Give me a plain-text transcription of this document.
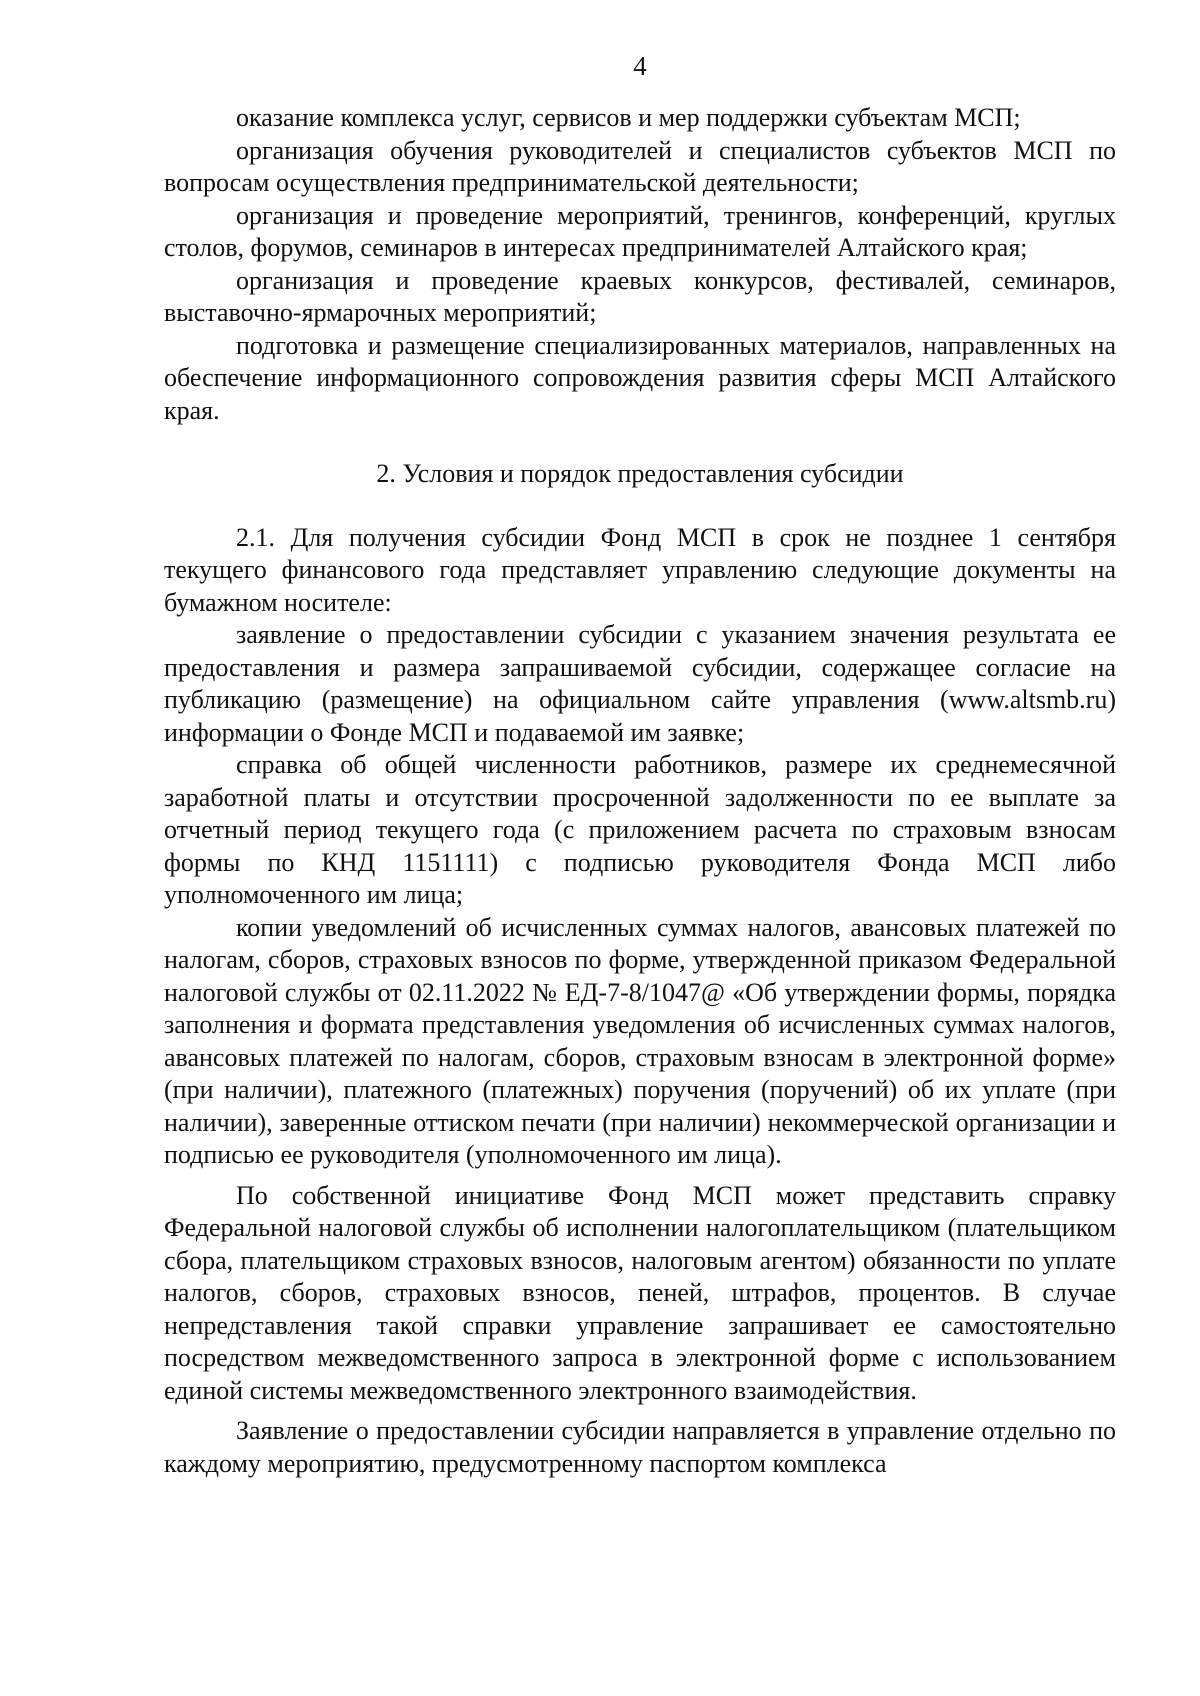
4

оказание комплекса услуг, сервисов и мер поддержки субъектам МСП;

организация обучения руководителей и специалистов субъектов МСП по вопросам осуществления предпринимательской деятельности;

организация и проведение мероприятий, тренингов, конференций, круглых столов, форумов, семинаров в интересах предпринимателей Алтайского края;

организация и проведение краевых конкурсов, фестивалей, семинаров, выставочно-ярмарочных мероприятий;

подготовка и размещение специализированных материалов, направленных на обеспечение информационного сопровождения развития сферы МСП Алтайского края.

2. Условия и порядок предоставления субсидии

2.1. Для получения субсидии Фонд МСП в срок не позднее 1 сентября текущего финансового года представляет управлению следующие документы на бумажном носителе:

заявление о предоставлении субсидии с указанием значения результата ее предоставления и размера запрашиваемой субсидии, содержащее согласие на публикацию (размещение) на официальном сайте управления (www.altsmb.ru) информации о Фонде МСП и подаваемой им заявке;

справка об общей численности работников, размере их среднемесячной заработной платы и отсутствии просроченной задолженности по ее выплате за отчетный период текущего года (с приложением расчета по страховым взносам формы по КНД 1151111) с подписью руководителя Фонда МСП либо уполномоченного им лица;

копии уведомлений об исчисленных суммах налогов, авансовых платежей по налогам, сборов, страховых взносов по форме, утвержденной приказом Федеральной налоговой службы от 02.11.2022 № ЕД-7-8/1047@ «Об утверждении формы, порядка заполнения и формата представления уведомления об исчисленных суммах налогов, авансовых платежей по налогам, сборов, страховым взносам в электронной форме» (при наличии), платежного (платежных) поручения (поручений) об их уплате (при наличии), заверенные оттиском печати (при наличии) некоммерческой организации и подписью ее руководителя (уполномоченного им лица).

По собственной инициативе Фонд МСП может представить справку Федеральной налоговой службы об исполнении налогоплательщиком (плательщиком сбора, плательщиком страховых взносов, налоговым агентом) обязанности по уплате налогов, сборов, страховых взносов, пеней, штрафов, процентов. В случае непредставления такой справки управление запрашивает ее самостоятельно посредством межведомственного запроса в электронной форме с использованием единой системы межведомственного электронного взаимодействия.

Заявление о предоставлении субсидии направляется в управление отдельно по каждому мероприятию, предусмотренному паспортом комплекса
